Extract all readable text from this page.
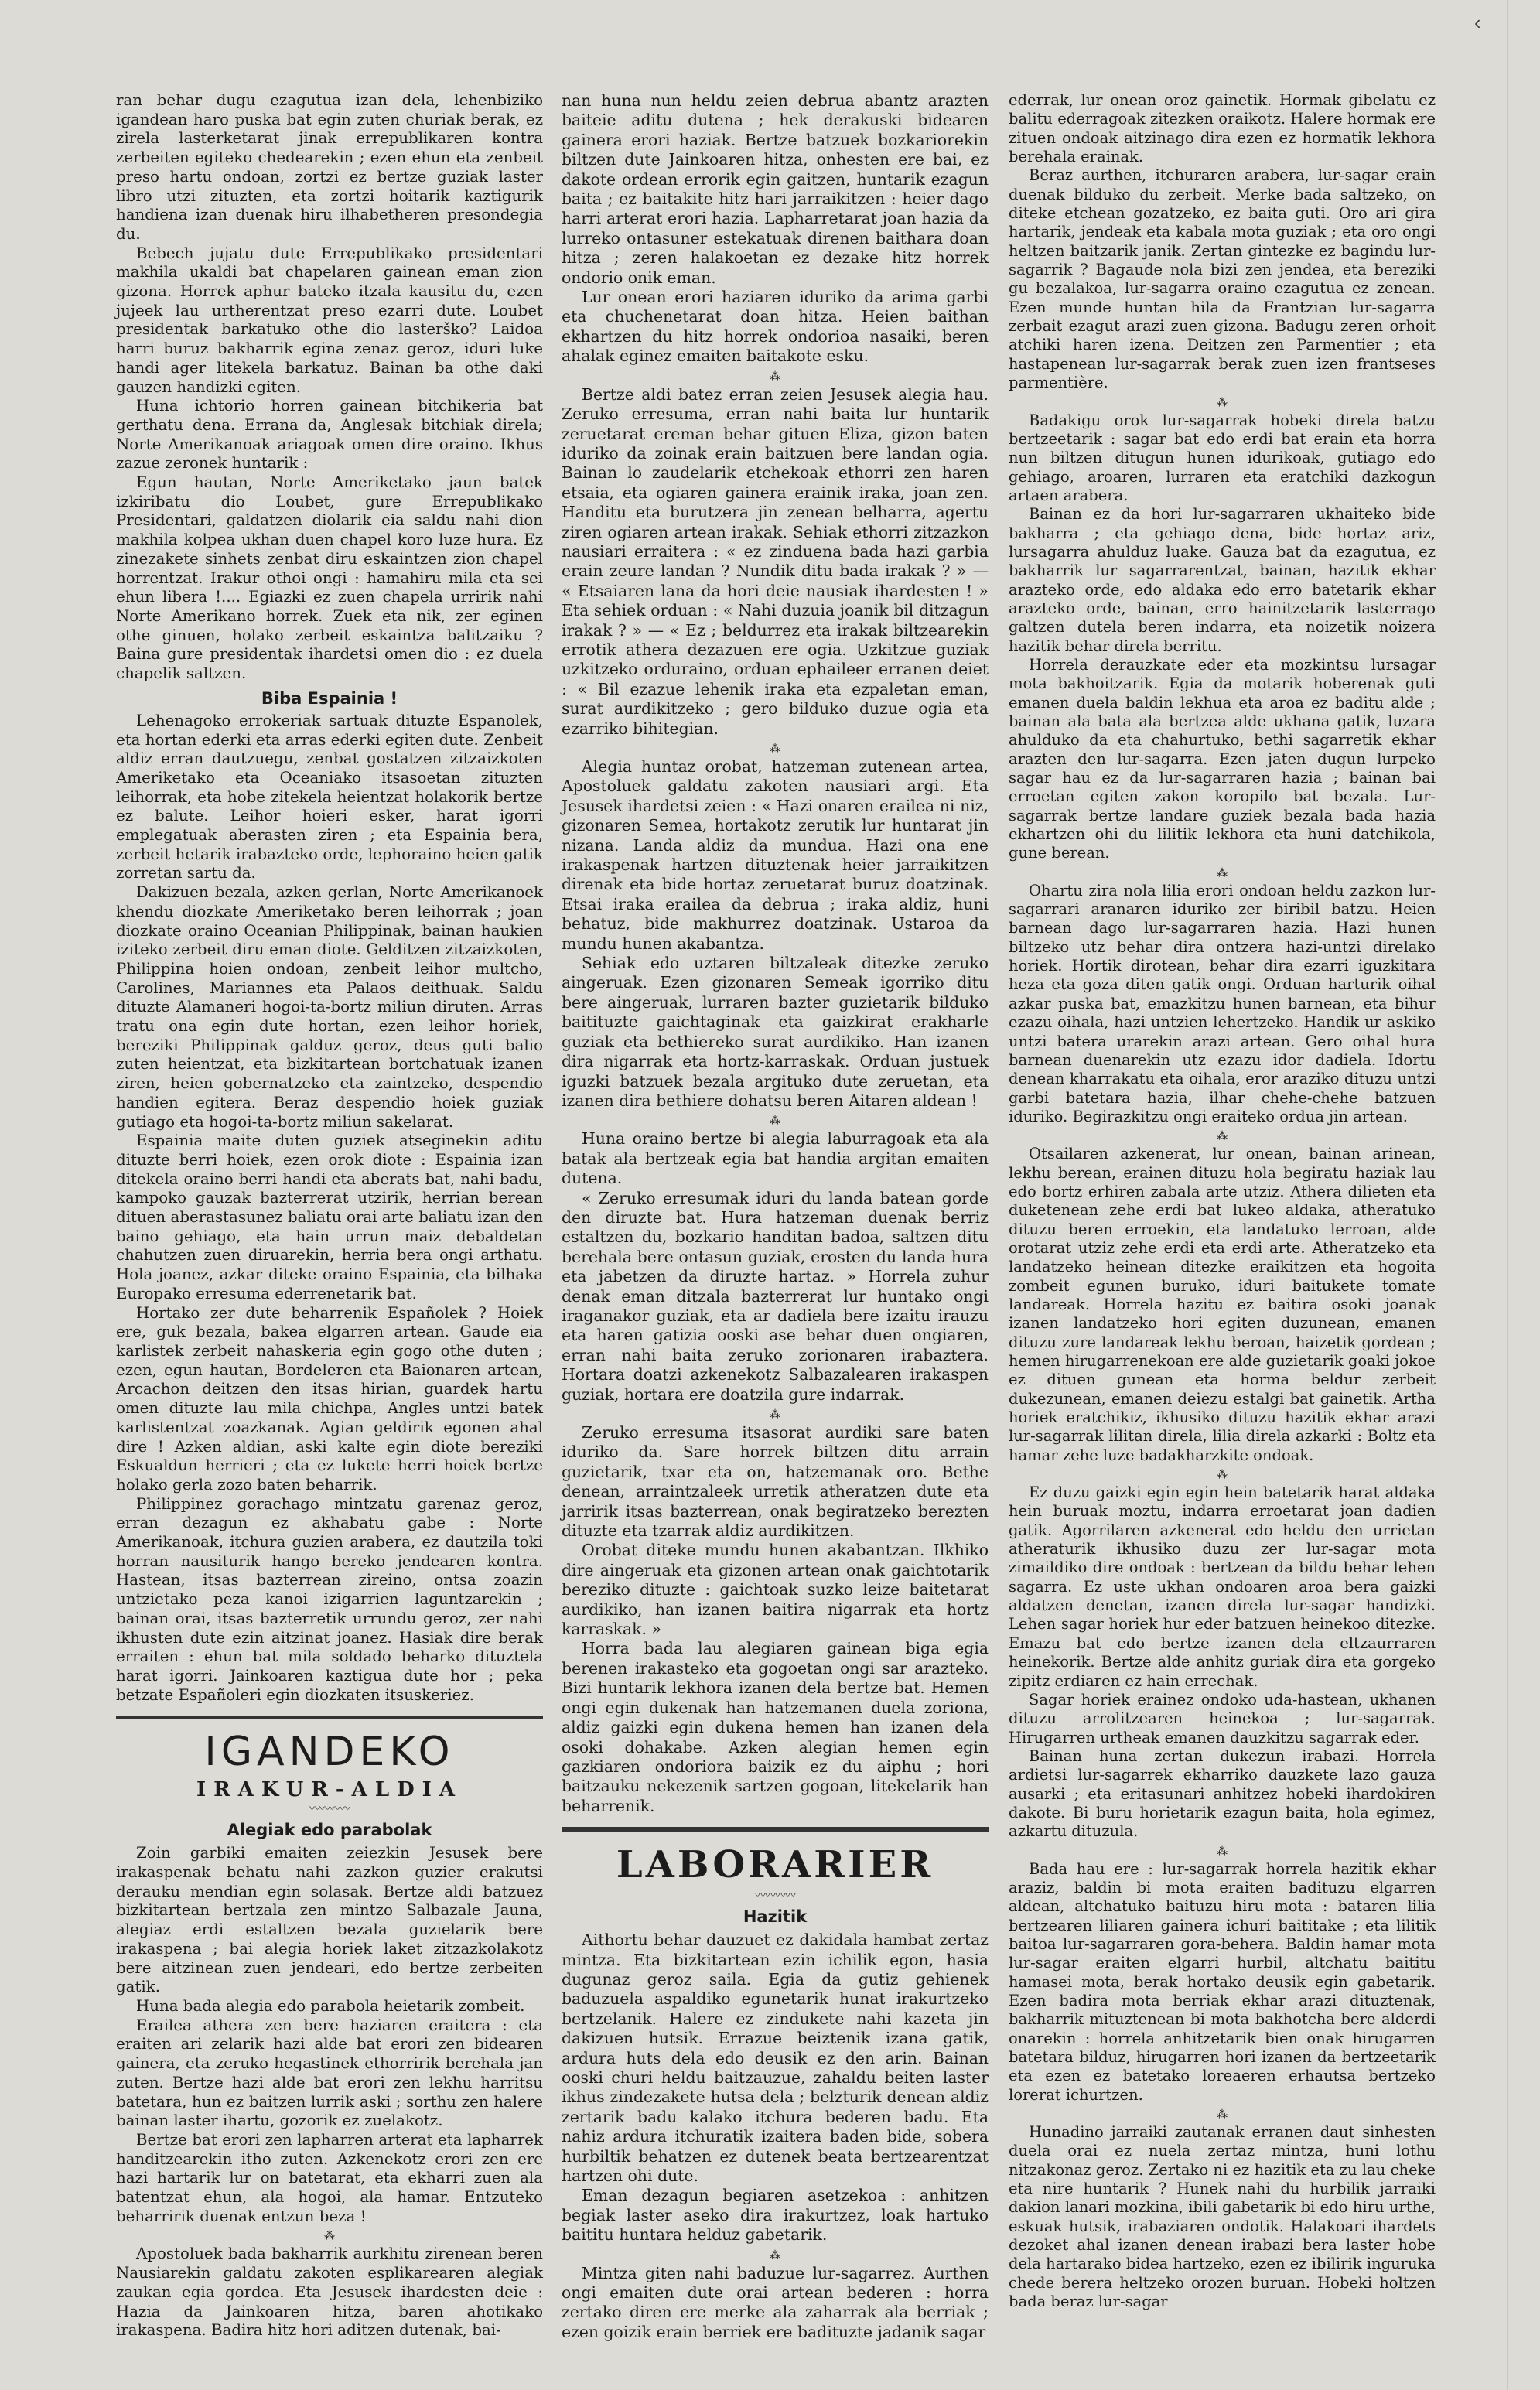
‹

ran behar dugu ezagutua izan dela, lehenbiziko igandean haro puska bat egin zuten churiak berak, ez zirela lasterketarat jinak errepublikaren kontra zerbeiten egiteko chedearekin ; ezen ehun eta zenbeit preso hartu ondoan, zortzi ez bertze guziak laster libro utzi zituzten, eta zortzi hoitarik kaztigurik handiena izan duenak hiru ilhabetheren presondegia du.

Bebech jujatu dute Errepublikako presidentari makhila ukaldi bat chapelaren gainean eman zion gizona. Horrek aphur bateko itzala kausitu du, ezen jujeek lau urtherentzat preso ezarri dute. Loubet presidentak barkatuko othe dio lasterško? Laidoa harri buruz bakharrik egina zenaz geroz, iduri luke handi ager litekela barkatuz. Bainan ba othe daki gauzen handizki egiten.

Huna ichtorio horren gainean bitchikeria bat gerthatu dena. Errana da, Anglesak bitchiak direla; Norte Amerikanoak ariagoak omen dire oraino. Ikhus zazue zeronek huntarik :

Egun hautan, Norte Ameriketako jaun batek izkiribatu dio Loubet, gure Errepublikako Presidentari, galdatzen diolarik eia saldu nahi dion makhila kolpea ukhan duen chapel koro luze hura. Ez zinezakete sinhets zenbat diru eskaintzen zion chapel horrentzat. Irakur othoi ongi : hamahiru mila eta sei ehun libera !.... Egiazki ez zuen chapela urririk nahi Norte Amerikano horrek. Zuek eta nik, zer eginen othe ginuen, holako zerbeit eskaintza balitzaiku ? Baina gure presidentak ihardetsi omen dio : ez duela chapelik saltzen.

Biba Espainia !

Lehenagoko errokeriak sartuak dituzte Espanolek, eta hortan ederki eta arras ederki egiten dute. Zenbeit aldiz erran dautzuegu, zenbat gostatzen zitzaizkoten Ameriketako eta Oceaniako itsasoetan zituzten leihorrak, eta hobe zitekela heientzat holakorik bertze ez balute. Leihor hoieri esker, harat igorri emplegatuak aberasten ziren ; eta Espainia bera, zerbeit hetarik irabazteko orde, lephoraino heien gatik zorretan sartu da.

Dakizuen bezala, azken gerlan, Norte Amerikanoek khendu diozkate Ameriketako beren leihorrak ; joan diozkate oraino Oceanian Philippinak, bainan haukien iziteko zerbeit diru eman diote. Gelditzen zitzaizkoten, Philippina hoien ondoan, zenbeit leihor multcho, Carolines, Mariannes eta Palaos deithuak. Saldu dituzte Alamaneri hogoi-ta-bortz miliun diruten. Arras tratu ona egin dute hortan, ezen leihor horiek, bereziki Philippinak galduz geroz, deus guti balio zuten heientzat, eta bizkitartean bortchatuak izanen ziren, heien gobernatzeko eta zaintzeko, despendio handien egitera. Beraz despendio hoiek guziak gutiago eta hogoi-ta-bortz miliun sakelarat.

Espainia maite duten guziek atseginekin aditu dituzte berri hoiek, ezen orok diote : Espainia izan ditekela oraino berri handi eta aberats bat, nahi badu, kampoko gauzak bazterrerat utzirik, herrian berean dituen aberastasunez baliatu orai arte baliatu izan den baino gehiago, eta hain urrun maiz debaldetan chahutzen zuen diruarekin, herria bera ongi arthatu. Hola joanez, azkar ditekе oraino Espainia, eta bilhaka Europako erresuma ederrenetarik bat.

Hortako zer dute beharrenik Españolek ? Hoiek ere, guk bezala, bakea elgarren artean. Gaude eia karlistek zerbeit nahaskeria egin gogo othe duten ; ezen, egun hautan, Bordeleren eta Baionaren artean, Arcachon deitzen den itsas hirian, guardek hartu omen dituzte lau mila chichpa, Angles untzi batek karlistentzat zoazkanak. Agian geldirik egonen ahal dire ! Azken aldian, aski kalte egin diote bereziki Eskualdun herrieri ; eta ez lukete herri hoiek bertze holako gerla zozo baten beharrik.

Philippinez gorachago mintzatu garenaz geroz, erran dezagun ez akhabatu gabe : Norte Amerikanoak, itchura guzien arabera, ez dautzila toki horran nausiturik hango bereko jendearen kontra. Hastean, itsas bazterrean zireino, ontsa zoazin untzietako peza kanoi izigarrien laguntzarekin ; bainan orai, itsas bazterretik urrundu geroz, zer nahi ikhusten dute ezin aitzinat joanez. Hasiak dire berak erraiten : ehun bat mila soldado beharko dituztela harat igorri. Jainkoaren kaztigua dute hor ; peka betzate Españoleri egin diozkaten itsuskeriez.

IGANDEKO
IRAKUR-ALDIA
〰〰〰〰
Alegiak edo parabolak

Zoin garbiki emaiten zeiezkin Jesusek bere irakaspenak behatu nahi zazkon guzier erakutsi derauku mendian egin solasak. Bertze aldi batzuez bizkitartean bertzala zen mintzo Salbazale Jauna, alegiaz erdi estaltzen bezala guzielarik bere irakaspena ; bai alegia horiek laket zitzazkolakotz bere aitzinean zuen jendeari, edo bertze zerbeiten gatik.

Huna bada alegia edo parabola heietarik zombeit.

Erailea athera zen bere haziaren eraitera : eta eraiten ari zelarik hazi alde bat erori zen bidearen gainera, eta zeruko hegastinek ethorririk berehala jan zuten. Bertze hazi alde bat erori zen lekhu harritsu batetara, hun ez baitzen lurrik aski ; sorthu zen halere bainan laster ihartu, gozorik ez zuelakotz.

Bertze bat erori zen lapharren arterat eta lapharrek handitzearekin itho zuten. Azkenekotz erori zen ere hazi hartarik lur on batetarat, eta ekharri zuen ala batentzat ehun, ala hogoi, ala hamar. Entzuteko beharririk duenak entzun beza !

⁂

Apostoluek bada bakharrik aurkhitu zirenean beren Nausiarekin galdatu zakoten esplikarearen alegiak zaukan egia gordea. Eta Jesusek ihardesten deie : Hazia da Jainkoaren hitza, baren ahotikako irakaspena. Badira hitz hori aditzen dutenak, bai-

nan huna nun heldu zeien debrua abantz arazten baiteie aditu dutena ; hek derakuski bidearen gainera erori haziak. Bertze batzuek bozkariorekin biltzen dute Jainkoaren hitza, onhesten ere bai, ez dakote ordean errorik egin gaitzen, huntarik ezagun baita ; ez baitakite hitz hari jarraikitzen : heier dago harri arterat erori hazia. Lapharretarat joan hazia da lurreko ontasuner estekatuak direnen baithara doan hitza ; zeren halakoetan ez dezake hitz horrek ondorio onik eman.

Lur onean erori haziaren iduriko da arima garbi eta chuchenetarat doan hitza. Heien baithan ekhartzen du hitz horrek ondorioa nasaiki, beren ahalak eginez emaiten baitakote esku.

⁂

Bertze aldi batez erran zeien Jesusek alegia hau. Zeruko erresuma, erran nahi baita lur huntarik zeruetarat ereman behar gituen Eliza, gizon baten iduriko da zoinak erain baitzuen bere landan ogia. Bainan lo zaudelarik etchekoak ethorri zen haren etsaia, eta ogiaren gainera erainik iraka, joan zen. Handitu eta burutzera jin zenean belharra, agertu ziren ogiaren artean irakak. Sehiak ethorri zitzazkon nausiari erraitera : « ez zinduena bada hazi garbia erain zeure landan ? Nundik ditu bada irakak ? » — « Etsaiaren lana da hori deie nausiak ihardesten ! » Eta sehiek orduan : « Nahi duzuia joanik bil ditzagun irakak ? » — « Ez ; beldurrez eta irakak biltzearekin errotik athera dezazuen ere ogia. Uzkitzue guziak uzkitzeko orduraino, orduan ephaileer erranen deiet : « Bil ezazue lehenik iraka eta ezpaletan eman, surat aurdikitzeko ; gero bilduko duzue ogia eta ezarriko bihitegian.

⁂

Alegia huntaz orobat, hatzeman zutenean artea, Apostoluek galdatu zakoten nausiari argi. Eta Jesusek ihardetsi zeien : « Hazi onaren erailea ni niz, gizonaren Semea, hortakotz zerutik lur huntarat jin nizana. Landa aldiz da mundua. Hazi ona ene irakaspenak hartzen dituztenak heier jarraikitzen direnak eta bide hortaz zeruetarat buruz doatzinak. Etsai iraka erailea da debrua ; iraka aldiz, huni behatuz, bide makhurrez doatzinak. Ustaroa da mundu hunen akabantza.

Sehiak edo uztaren biltzaleak ditezke zeruko aingeruak. Ezen gizonaren Semeak igorriko ditu bere aingeruak, lurraren bazter guzietarik bilduko baitituzte gaichtaginak eta gaizkirat erakharle guziak eta bethiereko surat aurdikiko. Han izanen dira nigarrak eta hortz-karraskak. Orduan justuek iguzki batzuek bezala argituko dute zeruetan, eta izanen dira bethiere dohatsu beren Aitaren aldean !

⁂

Huna oraino bertze bi alegia laburragoak eta ala batak ala bertzeak egia bat handia argitan emaiten dutena.

« Zeruko erresumak iduri du landa batean gorde den diruzte bat. Hura hatzeman duenak berriz estaltzen du, bozkario handitan badoa, saltzen ditu berehala bere ontasun guziak, erosten du landa hura eta jabetzen da diruzte hartaz. » Horrela zuhur denak eman ditzala bazterrerat lur huntako ongi iraganakor guziak, eta ar dadiela bere izaitu irauzu eta haren gatizia ooski ase behar duen ongiaren, erran nahi baita zeruko zorionaren irabaztera. Hortara doatzi azkenekotz Salbazalearen irakaspen guziak, hortara ere doatzila gure indarrak.

⁂

Zeruko erresuma itsasorat aurdiki sare baten iduriko da. Sare horrek biltzen ditu arrain guzietarik, txar eta on, hatzemanak oro. Bethe denean, arraintzaleek urretik atheratzen dute eta jarririk itsas bazterrean, onak begiratzeko berezten dituzte eta tzarrak aldiz aurdikitzen.

Orobat ditekе mundu hunen akabantzan. Ilkhiko dire aingeruak eta gizonen artean onak gaichtotarik bereziko dituzte : gaichtoak suzko leize baitetarat aurdikiko, han izanen baitira nigarrak eta hortz karraskak. »

Horra bada lau alegiaren gainean biga egia berenen irakasteko eta gogoetan ongi sar arazteko. Bizi huntarik lekhora izanen dela bertze bat. Hemen ongi egin dukenak han hatzemanen duela zoriona, aldiz gaizki egin dukena hemen han izanen dela osoki dohakabe. Azken alegian hemen egin gazkiaren ondoriora baizik ez du aiphu ; hori baitzauku nekezenik sartzen gogoan, litekelarik han beharrenik.

LABORARIER
〰〰〰〰
Hazitik

Aithortu behar dauzuet ez dakidala hambat zertaz mintza. Eta bizkitartean ezin ichilik egon, hasia dugunaz geroz saila. Egia da gutiz gehienek baduzuela aspaldiko egunetarik hunat irakurtzeko bertzelanik. Halere ez zindukete nahi kazeta jin dakizuen hutsik. Errazue beiztenik izana gatik, ardura huts dela edo deusik ez den arin. Bainan ooski churi heldu baitzauzue, zahaldu beiten laster ikhus zindezakete hutsa dela ; belzturik denean aldiz zertarik badu kalako itchura bederen badu. Eta nahiz ardura itchuratik izaitera baden bide, sobera hurbiltik behatzen ez dutenek beata bertzearentzat hartzen ohi dute.

Eman dezagun begiaren asetzekoa : anhitzen begiak laster aseko dira irakurtzez, loak hartuko baititu huntara helduz gabetarik.

⁂

Mintza giten nahi baduzue lur-sagarrez. Aurthen ongi emaiten dute orai artean bederen : horra zertako diren ere merke ala zaharrak ala berriak ; ezen goizik erain berriek ere badituzte jadanik sagar

ederrak, lur onean oroz gainetik. Hormak gibelatu ez balitu ederragoak zitezken oraikotz. Halere hormak ere zituen ondoak aitzinago dira ezen ez hormatik lekhora berehala erainak.

Beraz aurthen, itchuraren arabera, lur-sagar erain duenak bilduko du zerbeit. Merke bada saltzeko, on diteke etchean gozatzeko, ez baita guti. Oro ari gira hartarik, jendeak eta kabala mota guziak ; eta oro ongi heltzen baitzarik janik. Zertan gintezke ez bagindu lur-sagarrik ? Bagaude nola bizi zen jendea, eta bereziki gu bezalakoa, lur-sagarra oraino ezagutua ez zenean. Ezen munde huntan hila da Frantzian lur-sagarra zerbait ezagut arazi zuen gizona. Badugu zeren orhoit atchiki haren izena. Deitzen zen Parmentier ; eta hastapenean lur-sagarrak berak zuen izen frantseses parmentière.

⁂

Badakigu orok lur-sagarrak hobeki direla batzu bertzeetarik : sagar bat edo erdi bat erain eta horra nun biltzen ditugun hunen idurikoak, gutiago edo gehiago, aroaren, lurraren eta eratchiki dazkogun artaen arabera.

Bainan ez da hori lur-sagarraren ukhaiteko bide bakharra ; eta gehiago dena, bide hortaz ariz, lursagarra ahulduz luake. Gauza bat da ezagutua, ez bakharrik lur sagarrarentzat, bainan, hazitik ekhar arazteko orde, edo aldaka edo erro batetarik ekhar arazteko orde, bainan, erro hainitzetarik lasterrago galtzen dutela beren indarra, eta noizetik noizera hazitik behar direla berritu.

Horrela derauzkate eder eta mozkintsu lursagar mota bakhoitzarik. Egia da motarik hoberenak guti emanen duela baldin lekhua eta aroa ez baditu alde ; bainan ala bata ala bertzea alde ukhana gatik, luzara ahulduko da eta chahurtuko, bethi sagarretik ekhar arazten den lur-sagarra. Ezen jaten dugun lurpeko sagar hau ez da lur-sagarraren hazia ; bainan bai erroetan egiten zakon koropilo bat bezala. Lur-sagarrak bertze landare guziek bezala bada hazia ekhartzen ohi du lilitik lekhora eta huni datchikola, gune berean.

⁂

Ohartu zira nola lilia erori ondoan heldu zazkon lur-sagarrari aranaren iduriko zer biribil batzu. Heien barnean dago lur-sagarraren hazia. Hazi hunen biltzeko utz behar dira ontzera hazi-untzi direlako horiek. Hortik dirotean, behar dira ezarri iguzkitara heza eta goza diten gatik ongi. Orduan harturik oihal azkar puska bat, emazkitzu hunen barnean, eta bihur ezazu oihala, hazi untzien lehertzeko. Handik ur askiko untzi batera urarekin arazi artean. Gero oihal hura barnean duenarekin utz ezazu idor dadiela. Idortu denean kharrakatu eta oihala, eror araziko dituzu untzi garbi batetara hazia, ilhar chehe-chehe batzuen iduriko. Begirazkitzu ongi eraiteko ordua jin artean.

⁂

Otsailaren azkenerat, lur onean, bainan arinean, lekhu berean, erainen dituzu hola begiratu haziak lau edo bortz erhiren zabala arte utziz. Athera dilieten eta duketenean zehe erdi bat lukeo aldaka, atheratuko dituzu beren erroekin, eta landatuko lerroan, alde orotarat utziz zehe erdi eta erdi arte. Atheratzeko eta landatzeko heinean ditezke eraikitzen eta hogoita zombeit egunen buruko, iduri baitukete tomate landareak. Horrela hazitu ez baitira osoki joanak izanen landatzeko hori egiten duzunean, emanen dituzu zure landareak lekhu beroan, haizetik gordean ; hemen hirugarrenekoan ere alde guzietarik goaki jokoe ez dituen gunean eta horma beldur zerbeit dukezunean, emanen deiezu estalgi bat gainetik. Artha horiek eratchikiz, ikhusiko dituzu hazitik ekhar arazi lur-sagarrak lilitan direla, lilia direla azkarki : Boltz eta hamar zehe luze badakharzkite ondoak.

⁂

Ez duzu gaizki egin egin hein batetarik harat aldaka hein buruak moztu, indarra erroetarat joan dadien gatik. Agorrilaren azkenerat edo heldu den urrietan atheraturik ikhusiko duzu zer lur-sagar mota zimaildiko dire ondoak : bertzean da bildu behar lehen sagarra. Ez uste ukhan ondoaren aroa bera gaizki aldatzen denetan, izanen direla lur-sagar handizki. Lehen sagar horiek hur eder batzuen heinekoo ditezke. Emazu bat edo bertze izanen dela eltzaurraren heinekorik. Bertze alde anhitz guriak dira eta gorgeko zipitz erdiaren ez hain errechak.

Sagar horiek erainez ondoko uda-hastean, ukhanen dituzu arrolitzearen heinekoa ; lur-sagarrak. Hirugarren urtheak emanen dauzkitzu sagarrak eder.

Bainan huna zertan dukezun irabazi. Horrela ardietsi lur-sagarrek ekharriko dauzkete lazo gauza ausarki ; eta eritasunari anhitzez hobeki ihardokiren dakote. Bi buru horietarik ezagun baita, hola egimez, azkartu dituzula.

⁂

Bada hau ere : lur-sagarrak horrela hazitik ekhar araziz, baldin bi mota eraiten badituzu elgarren aldean, altchatuko baituzu hiru mota : bataren lilia bertzearen liliaren gainera ichuri baititake ; eta lilitik baitoa lur-sagarraren gora-behera. Baldin hamar mota lur-sagar eraiten elgarri hurbil, altchatu baititu hamasei mota, berak hortako deusik egin gabetarik. Ezen badira mota berriak ekhar arazi dituztenak, bakharrik mituztenean bi mota bakhotcha bere alderdi onarekin : horrela anhitzetarik bien onak hirugarren batetara bilduz, hirugarren hori izanen da bertzeetarik eta ezen ez batetako loreaeren erhautsa bertzeko lorerat ichurtzen.

⁂

Hunadino jarraiki zautanak erranen daut sinhesten duela orai ez nuela zertaz mintza, huni lothu nitzakonaz geroz. Zertako ni ez hazitik eta zu lau cheke eta nire huntarik ? Hunek nahi du hurbilik jarraiki dakion lanari mozkina, ibili gabetarik bi edo hiru urthe, eskuak hutsik, irabaziaren ondotik. Halakoari ihardets dezoket ahal izanen denean irabazi bera laster hobe dela hartarako bidea hartzeko, ezen ez ibilirik inguruka chede berera heltzeko orozen buruan. Hobeki holtzen bada beraz lur-sagar
